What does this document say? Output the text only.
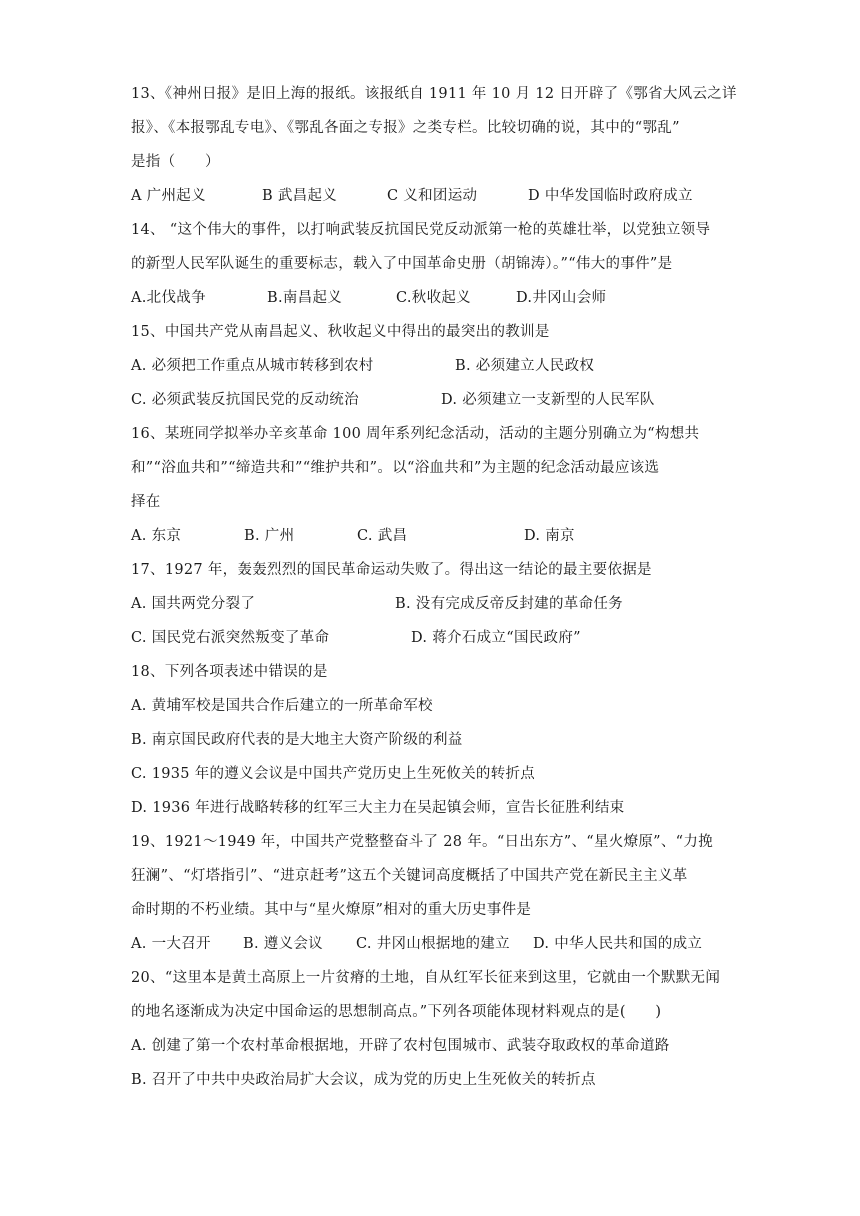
13、《神州日报》是旧上海的报纸。该报纸自 1911 年 10 月 12 日开辟了《鄂省大风云之详
报》、《本报鄂乱专电》、《鄂乱各面之专报》之类专栏。比较切确的说，其中的“鄂乱”
是指（　　）
A 广州起义	B 武昌起义	C 义和团运动	D 中华发国临时政府成立
14、 “这个伟大的事件，以打响武装反抗国民党反动派第一枪的英雄壮举，以党独立领导
的新型人民军队诞生的重要标志，载入了中国革命史册（胡锦涛）。”“伟大的事件”是
A.北伐战争	B.南昌起义	C.秋收起义	D.井冈山会师
15、中国共产党从南昌起义、秋收起义中得出的最突出的教训是
A. 必须把工作重点从城市转移到农村	B. 必须建立人民政权
C. 必须武装反抗国民党的反动统治	D. 必须建立一支新型的人民军队
16、某班同学拟举办辛亥革命 100 周年系列纪念活动，活动的主题分别确立为“构想共
和”“浴血共和”“缔造共和”“维护共和”。以“浴血共和”为主题的纪念活动最应该选
择在
A. 东京	B. 广州	C. 武昌	D. 南京
17、1927 年，轰轰烈烈的国民革命运动失败了。得出这一结论的最主要依据是
A. 国共两党分裂了	B. 没有完成反帝反封建的革命任务
C. 国民党右派突然叛变了革命	D. 蒋介石成立“国民政府”
18、下列各项表述中错误的是
A. 黄埔军校是国共合作后建立的一所革命军校
B. 南京国民政府代表的是大地主大资产阶级的利益
C. 1935 年的遵义会议是中国共产党历史上生死攸关的转折点
D. 1936 年进行战略转移的红军三大主力在吴起镇会师，宣告长征胜利结束
19、1921～1949 年，中国共产党整整奋斗了 28 年。“日出东方”、“星火燎原”、“力挽
狂澜”、“灯塔指引”、“进京赶考”这五个关键词高度概括了中国共产党在新民主主义革
命时期的不朽业绩。其中与“星火燎原”相对的重大历史事件是
A. 一大召开 B. 遵义会议 C. 井冈山根据地的建立 D. 中华人民共和国的成立
20、“这里本是黄土高原上一片贫瘠的土地，自从红军长征来到这里，它就由一个默默无闻
的地名逐渐成为决定中国命运的思想制高点。”下列各项能体现材料观点的是(　　)
A. 创建了第一个农村革命根据地，开辟了农村包围城市、武装夺取政权的革命道路
B. 召开了中共中央政治局扩大会议，成为党的历史上生死攸关的转折点
